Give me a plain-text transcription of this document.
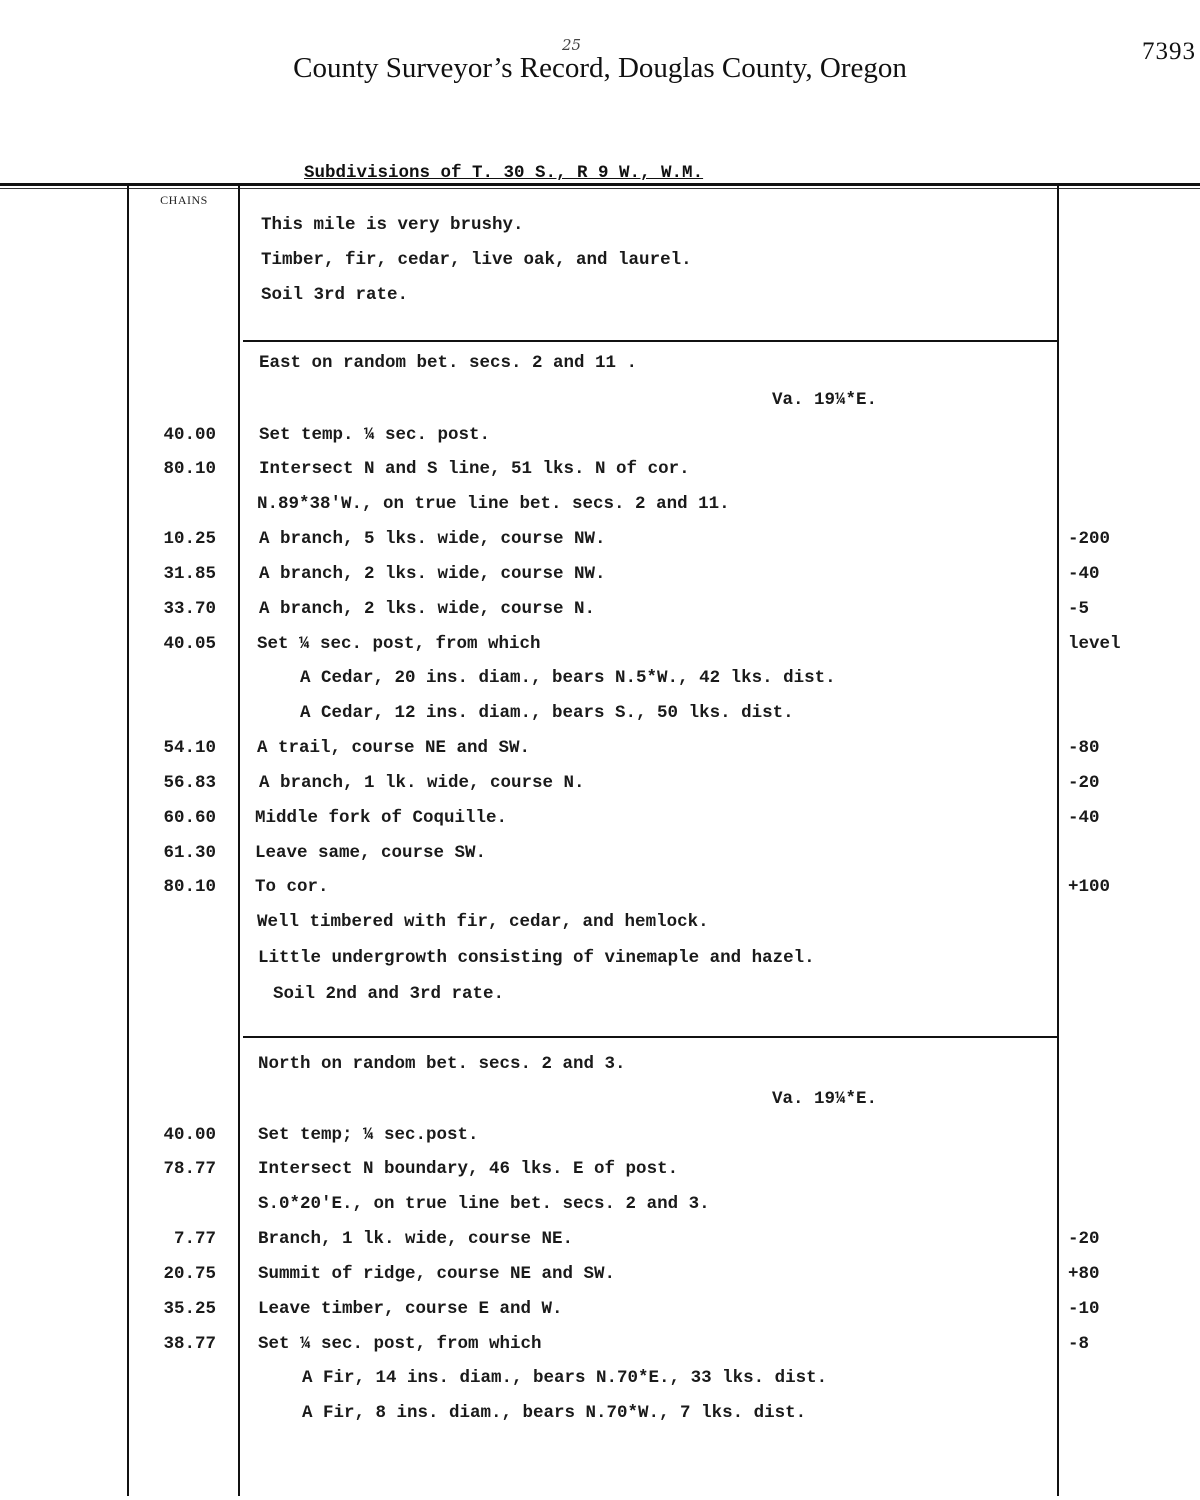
25
County Surveyor’s Record, Douglas County, Oregon
7393
Subdivisions of T. 30 S., R 9 W., W.M.
CHAINS
This mile is very brushy.
Timber, fir, cedar, live oak, and laurel.
Soil 3rd rate.
East on random bet. secs. 2 and 11 .
Va. 19¼*E.
40.00 Set temp. ¼ sec. post.
80.10 Intersect N and S line, 51 lks. N of cor.
N.89*38'W., on true line bet. secs. 2 and 11.
10.25 A branch, 5 lks. wide, course NW.	-200
31.85 A branch, 2 lks. wide, course NW.	-40
33.70 A branch, 2 lks. wide, course N.	-5
40.05 Set ¼ sec. post, from which	level
A Cedar, 20 ins. diam., bears N.5*W., 42 lks. dist.
A Cedar, 12 ins. diam., bears S., 50 lks. dist.
54.10 A trail, course NE and SW.	-80
56.83 A branch, 1 lk. wide, course N.	-20
60.60 Middle fork of Coquille.	-40
61.30 Leave same, course SW.
80.10 To cor.	+100
Well timbered with fir, cedar, and hemlock.
Little undergrowth consisting of vinemaple and hazel.
Soil 2nd and 3rd rate.
North on random bet. secs. 2 and 3.
Va. 19¼*E.
40.00 Set temp; ¼ sec.post.
78.77 Intersect N boundary, 46 lks. E of post.
S.0*20'E., on true line bet. secs. 2 and 3.
7.77 Branch, 1 lk. wide, course NE.	-20
20.75 Summit of ridge, course NE and SW.	+80
35.25 Leave timber, course E and W.	-10
38.77 Set ¼ sec. post, from which	-8
A Fir, 14 ins. diam., bears N.70*E., 33 lks. dist.
A Fir, 8 ins. diam., bears N.70*W., 7 lks. dist.
